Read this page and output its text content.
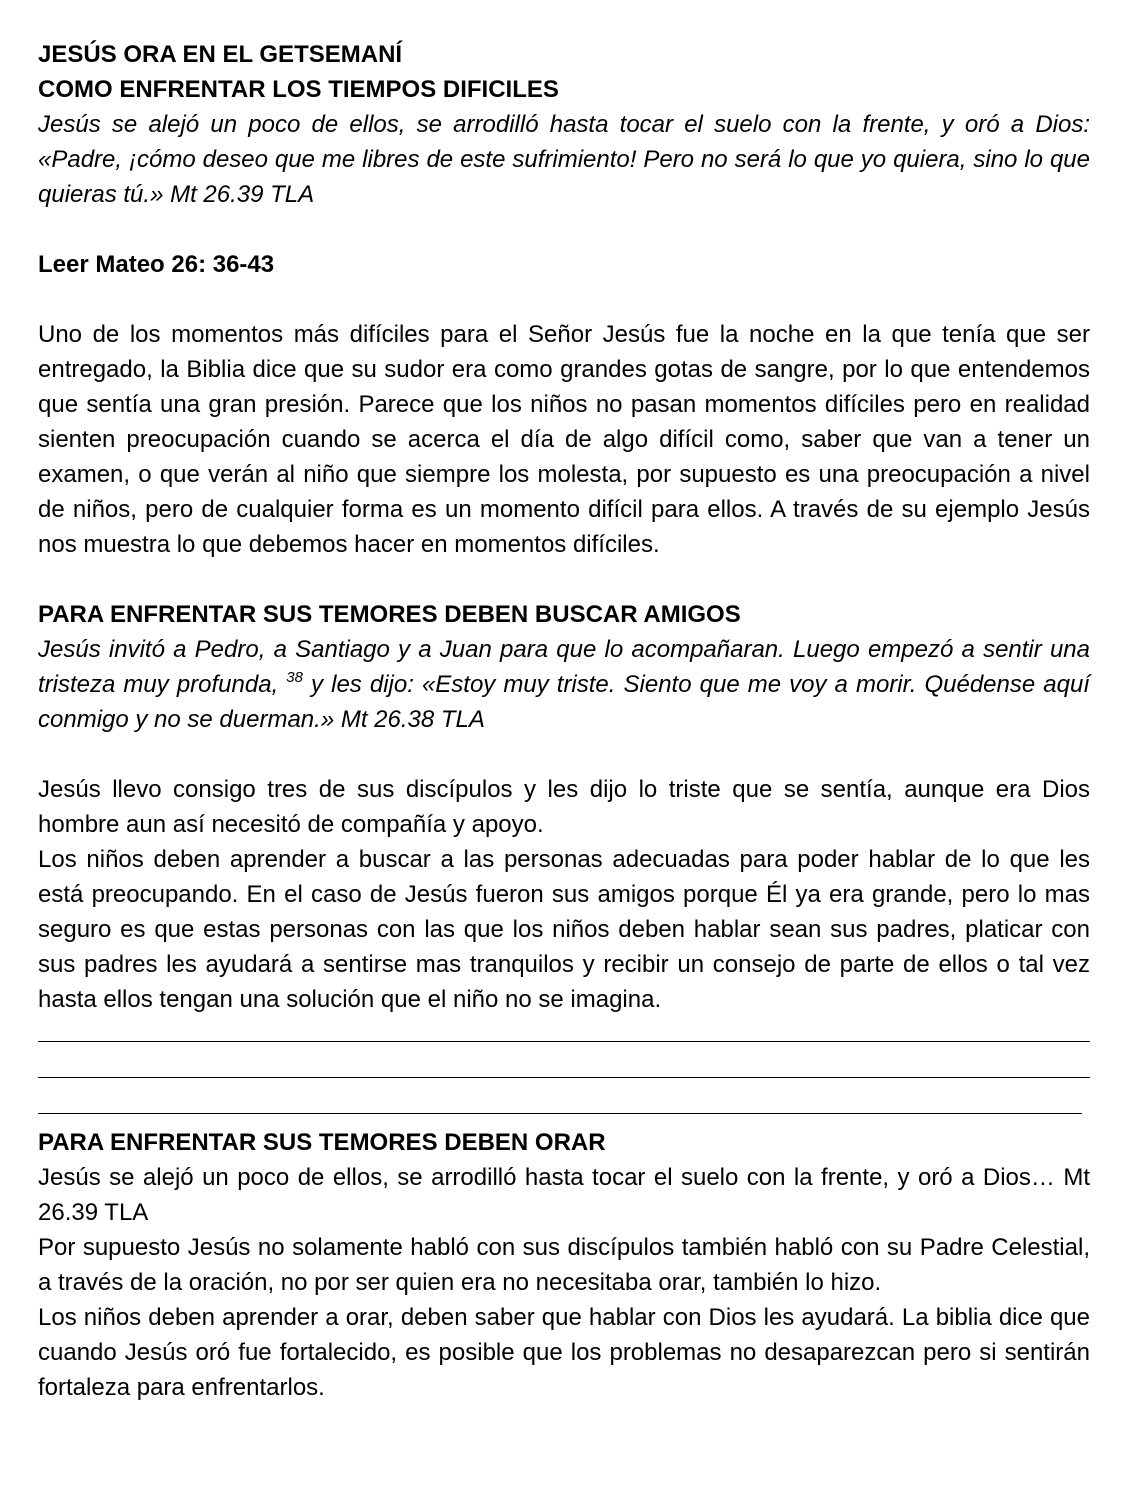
JESÚS ORA EN EL GETSEMANÍ

COMO ENFRENTAR LOS TIEMPOS DIFICILES

Jesús se alejó un poco de ellos, se arrodilló hasta tocar el suelo con la frente, y oró a Dios: «Padre, ¡cómo deseo que me libres de este sufrimiento! Pero no será lo que yo quiera, sino lo que quieras tú.» Mt 26.39 TLA

Leer Mateo 26: 36-43

Uno de los momentos más difíciles para el Señor Jesús fue la noche en la que tenía que ser entregado, la Biblia dice que su sudor era como grandes gotas de sangre, por lo que entendemos que sentía una gran presión. Parece que los niños no pasan momentos difíciles pero en realidad sienten preocupación cuando se acerca el día de algo difícil como, saber que van a tener un examen, o que verán al niño que siempre los molesta, por supuesto es una preocupación a nivel de niños, pero de cualquier forma es un momento difícil para ellos. A través de su ejemplo Jesús nos muestra lo que debemos hacer en momentos difíciles.

PARA ENFRENTAR SUS TEMORES DEBEN BUSCAR AMIGOS

Jesús invitó a Pedro, a Santiago y a Juan para que lo acompañaran. Luego empezó a sentir una tristeza muy profunda, $^{38}$ y les dijo: «Estoy muy triste. Siento que me voy a morir. Quédense aquí conmigo y no se duerman.» Mt 26.38 TLA

Jesús llevo consigo tres de sus discípulos y les dijo lo triste que se sentía, aunque era Dios hombre aun así necesitó de compañía y apoyo.

Los niños deben aprender a buscar a las personas adecuadas para poder hablar de lo que les está preocupando. En el caso de Jesús fueron sus amigos porque Él ya era grande, pero lo mas seguro es que estas personas con las que los niños deben hablar sean sus padres, platicar con sus padres les ayudará a sentirse mas tranquilos y recibir un consejo de parte de ellos o tal vez hasta ellos tengan una solución que el niño no se imagina.

PARA ENFRENTAR SUS TEMORES DEBEN ORAR

Jesús se alejó un poco de ellos, se arrodilló hasta tocar el suelo con la frente, y oró a Dios… Mt 26.39 TLA

Por supuesto Jesús no solamente habló con sus discípulos también habló con su Padre Celestial, a través de la oración, no por ser quien era no necesitaba orar, también lo hizo.

Los niños deben aprender a orar, deben saber que hablar con Dios les ayudará. La biblia dice que cuando Jesús oró fue fortalecido, es posible que los problemas no desaparezcan pero si sentirán fortaleza para enfrentarlos.
